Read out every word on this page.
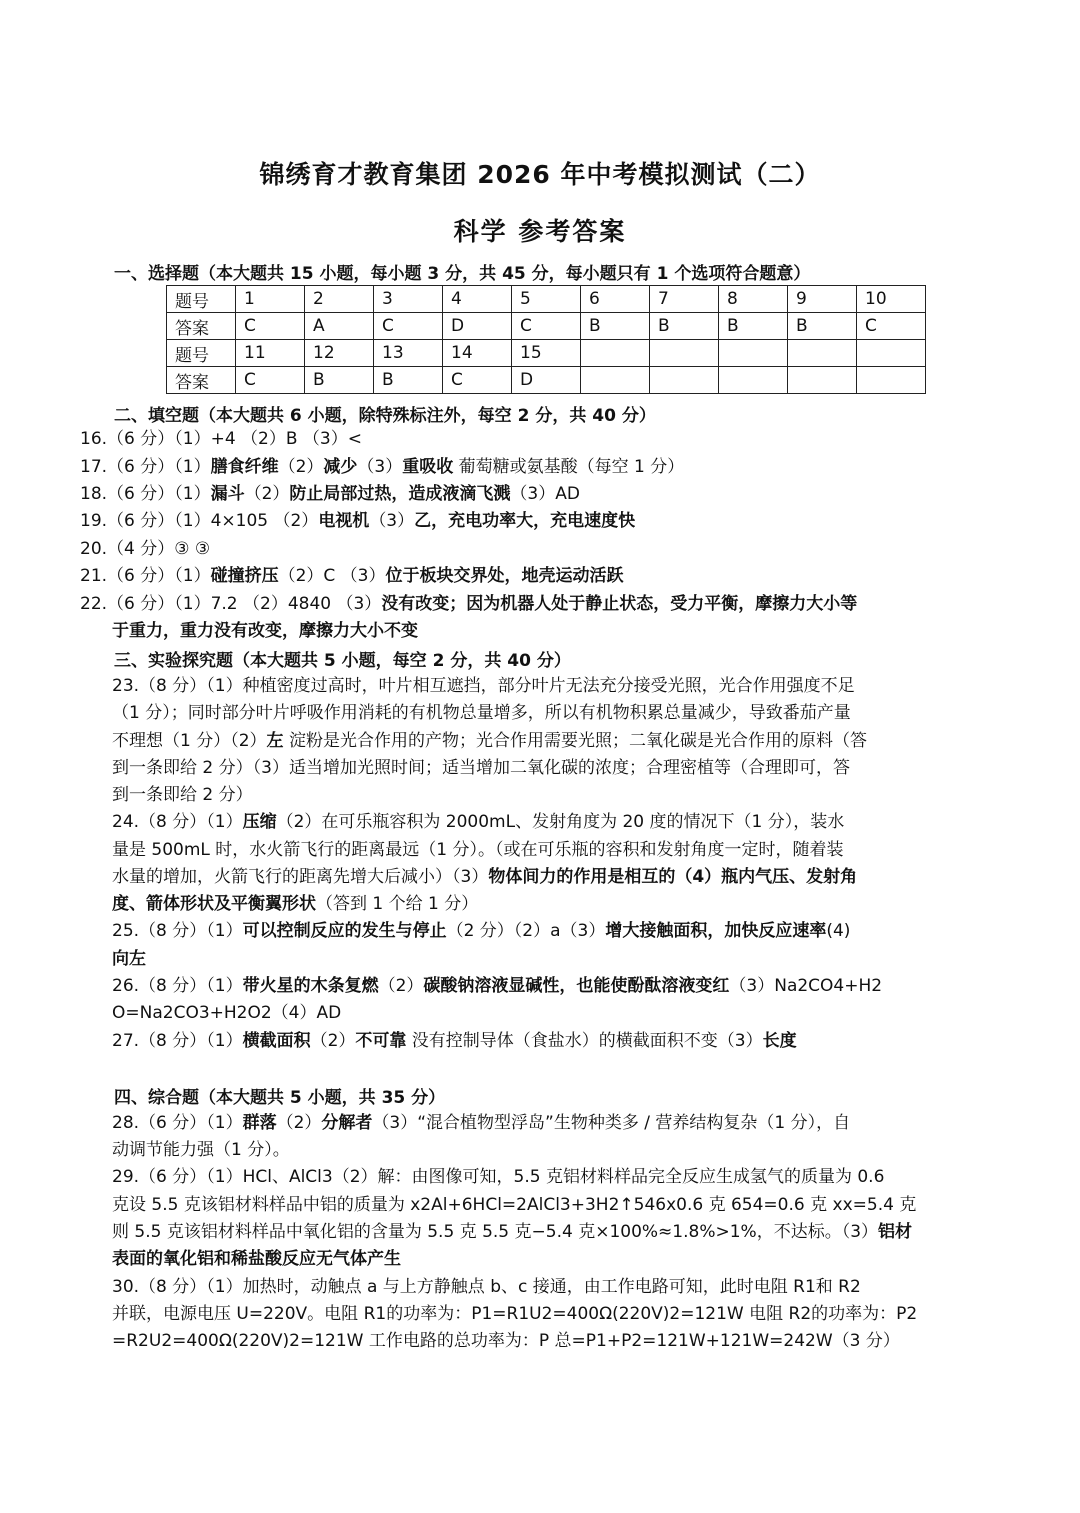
锦绣育才教育集团 2026 年中考模拟测试（二）
科学 参考答案
一、选择题（本大题共 15 小题，每小题 3 分，共 45 分，每小题只有 1 个选项符合题意）
题号	1	2	3	4	5	6	7	8	9	10
答案	C	A	C	D	C	B	B	B	B	C
题号	11	12	13	14	15					
答案	C	B	B	C	D					
二、填空题（本大题共 6 小题，除特殊标注外，每空 2 分，共 40 分）
16.（6 分）（1）+4 （2）B （3）<
17.（6 分）（1）膳食纤维（2）减少（3）重吸收 葡萄糖或氨基酸（每空 1 分）
18.（6 分）（1）漏斗（2）防止局部过热，造成液滴飞溅（3）AD
19.（6 分）（1）4×105 （2）电视机（3）乙，充电功率大，充电速度快
20.（4 分）③ ③
21.（6 分）（1）碰撞挤压（2）C （3）位于板块交界处，地壳运动活跃
22.（6 分）（1）7.2 （2）4840 （3）没有改变；因为机器人处于静止状态，受力平衡，摩擦力大小等
于重力，重力没有改变，摩擦力大小不变
三、实验探究题（本大题共 5 小题，每空 2 分，共 40 分）
23.（8 分）（1）种植密度过高时，叶片相互遮挡，部分叶片无法充分接受光照，光合作用强度不足
（1 分）；同时部分叶片呼吸作用消耗的有机物总量增多，所以有机物积累总量减少，导致番茄产量
不理想（1 分）（2）左 淀粉是光合作用的产物；光合作用需要光照；二氧化碳是光合作用的原料（答
到一条即给 2 分）（3）适当增加光照时间；适当增加二氧化碳的浓度；合理密植等（合理即可，答
到一条即给 2 分）
24.（8 分）（1）压缩（2）在可乐瓶容积为 2000mL、发射角度为 20 度的情况下（1 分），装水
量是 500mL 时，水火箭飞行的距离最远（1 分）。（或在可乐瓶的容积和发射角度一定时，随着装
水量的增加，火箭飞行的距离先增大后减小）（3）物体间力的作用是相互的（4）瓶内气压、发射角
度、箭体形状及平衡翼形状（答到 1 个给 1 分）
25.（8 分）（1）可以控制反应的发生与停止（2 分）（2）a（3）增大接触面积，加快反应速率(4)
向左
26.（8 分）（1）带火星的木条复燃（2）碳酸钠溶液显碱性，也能使酚酞溶液变红（3）Na2CO4+H2
O=Na2CO3+H2O2（4）AD
27.（8 分）（1）横截面积（2）不可靠 没有控制导体（食盐水）的横截面积不变（3）长度
四、综合题（本大题共 5 小题，共 35 分）
28.（6 分）（1）群落（2）分解者（3）“混合植物型浮岛”生物种类多 / 营养结构复杂（1 分），自
动调节能力强（1 分）。
29.（6 分）（1）HCl、AlCl3（2）解：由图像可知，5.5 克铝材料样品完全反应生成氢气的质量为 0.6
克设 5.5 克该铝材料样品中铝的质量为 x2Al+6HCl=2AlCl3+3H2↑546x0.6 克 654=0.6 克 xx=5.4 克
则 5.5 克该铝材料样品中氧化铝的含量为 5.5 克 5.5 克−5.4 克×100%≈1.8%>1%，不达标。（3）铝材
表面的氧化铝和稀盐酸反应无气体产生
30.（8 分）（1）加热时，动触点 a 与上方静触点 b、c 接通，由工作电路可知，此时电阻 R1和 R2
并联，电源电压 U=220V。电阻 R1的功率为：P1=R1U2=400Ω(220V)2=121W 电阻 R2的功率为：P2
=R2U2=400Ω(220V)2=121W 工作电路的总功率为：P 总=P1+P2=121W+121W=242W（3 分）
